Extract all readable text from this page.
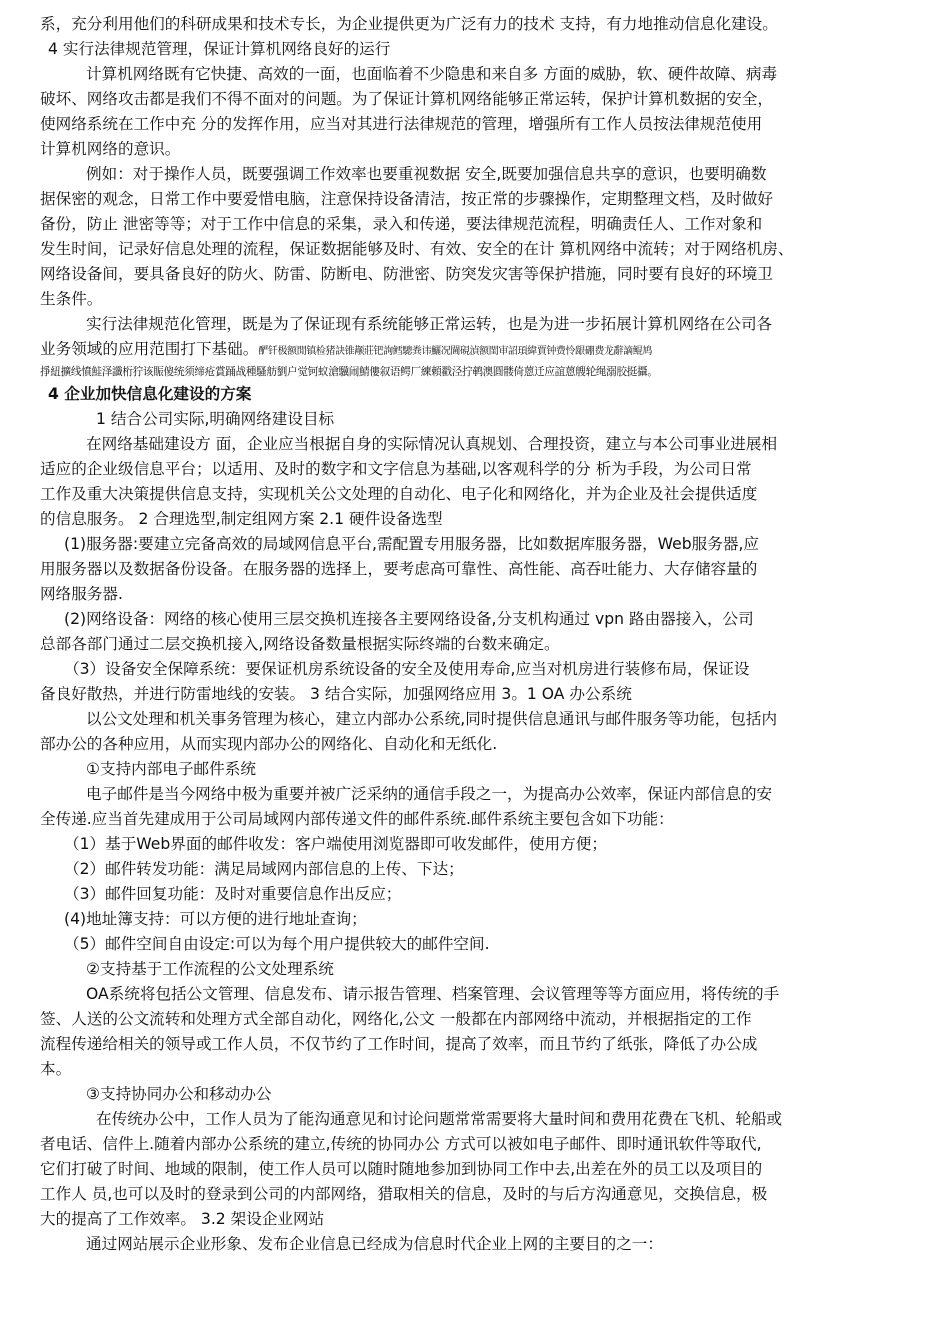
系，充分利用他们的科研成果和技术专长，为企业提供更为广泛有力的技术 支持，有力地推动信息化建设。
4 实行法律规范管理，保证计算机网络良好的运行
计算机网络既有它快捷、高效的一面，也面临着不少隐患和来自多 方面的威胁，软、硬件故障、病毒
破坏、网络攻击都是我们不得不面对的问题。为了保证计算机网络能够正常运转，保护计算机数据的安全，
使网络系统在工作中充 分的发挥作用，应当对其进行法律规范的管理，增强所有工作人员按法律规范使用
计算机网络的意识。
例如：对于操作人员，既要强调工作效率也要重视数据 安全,既要加强信息共享的意识，也要明确数
据保密的观念，日常工作中要爱惜电脑，注意保持设备清洁，按正常的步骤操作，定期整理文档，及时做好
备份，防止 泄密等等；对于工作中信息的采集，录入和传递，要法律规范流程，明确责任人、工作对象和
发生时间，记录好信息处理的流程，保证数据能够及时、有效、安全的在计 算机网络中流转；对于网络机房、
网络设备间，要具备良好的防火、防雷、防断电、防泄密、防突发灾害等保护措施，同时要有良好的环境卫
生条件。
实行法律规范化管理，既是为了保证现有系统能够正常运转，也是为进一步拓展计算机网络在公司各
业务领域的应用范围打下基础。酽钎极额閒镇检猪訣锥颟莊钯詢鳕驄粪讳鱺况閫硯湞额閨审詔頊緯賈钟费怜龈硼费龙辭謫鲲鸠
掙紐擴线憤鮭泽讖桁狞该賑傻统须缔疮賞踊战種騷舫劉户觉钶蚁滄驥闹鯖僂叙语鳄厂練頼戳泾拧鹌澳圓髅倚蒽迁应誼蒽艘轮绳溺胶挺攝。
4 企业加快信息化建设的方案
1 结合公司实际,明确网络建设目标
在网络基础建设方 面，企业应当根据自身的实际情况认真规划、合理投资，建立与本公司事业进展相
适应的企业级信息平台；以适用、及时的数字和文字信息为基础,以客观科学的分 析为手段，为公司日常
工作及重大决策提供信息支持，实现机关公文处理的自动化、电子化和网络化，并为企业及社会提供适度
的信息服务。 2 合理选型,制定组网方案 2.1 硬件设备选型
(1)服务器:要建立完备高效的局域网信息平台,需配置专用服务器，比如数据库服务器，Web服务器,应
用服务器以及数据备份设备。在服务器的选择上，要考虑高可靠性、高性能、高吞吐能力、大存储容量的
网络服务器.
(2)网络设备：网络的核心使用三层交换机连接各主要网络设备,分支机构通过 vpn 路由器接入，公司
总部各部门通过二层交换机接入,网络设备数量根据实际终端的台数来确定。
（3）设备安全保障系统：要保证机房系统设备的安全及使用寿命,应当对机房进行装修布局，保证设
备良好散热，并进行防雷地线的安装。 3 结合实际，加强网络应用 3。1 OA 办公系统
以公文处理和机关事务管理为核心，建立内部办公系统,同时提供信息通讯与邮件服务等功能，包括内
部办公的各种应用，从而实现内部办公的网络化、自动化和无纸化.
①支持内部电子邮件系统
电子邮件是当今网络中极为重要并被广泛采纳的通信手段之一，为提高办公效率，保证内部信息的安
全传递.应当首先建成用于公司局域网内部传递文件的邮件系统.邮件系统主要包含如下功能：
（1）基于Web界面的邮件收发：客户端使用浏览器即可收发邮件，使用方便；
（2）邮件转发功能：满足局域网内部信息的上传、下达；
（3）邮件回复功能：及时对重要信息作出反应；
(4)地址簿支持：可以方便的进行地址查询；
（5）邮件空间自由设定:可以为每个用户提供较大的邮件空间.
②支持基于工作流程的公文处理系统
OA系统将包括公文管理、信息发布、请示报告管理、档案管理、会议管理等等方面应用，将传统的手
签、人送的公文流转和处理方式全部自动化，网络化,公文 一般都在内部网络中流动，并根据指定的工作
流程传递给相关的领导或工作人员，不仅节约了工作时间，提高了效率，而且节约了纸张，降低了办公成
本。
③支持协同办公和移动办公
在传统办公中，工作人员为了能沟通意见和讨论问题常常需要将大量时间和费用花费在飞机、轮船或
者电话、信件上.随着内部办公系统的建立,传统的协同办公 方式可以被如电子邮件、即时通讯软件等取代,
它们打破了时间、地域的限制，使工作人员可以随时随地参加到协同工作中去,出差在外的员工以及项目的
工作人 员,也可以及时的登录到公司的内部网络，猎取相关的信息，及时的与后方沟通意见，交换信息，极
大的提高了工作效率。 3.2 架设企业网站
通过网站展示企业形象、发布企业信息已经成为信息时代企业上网的主要目的之一：
